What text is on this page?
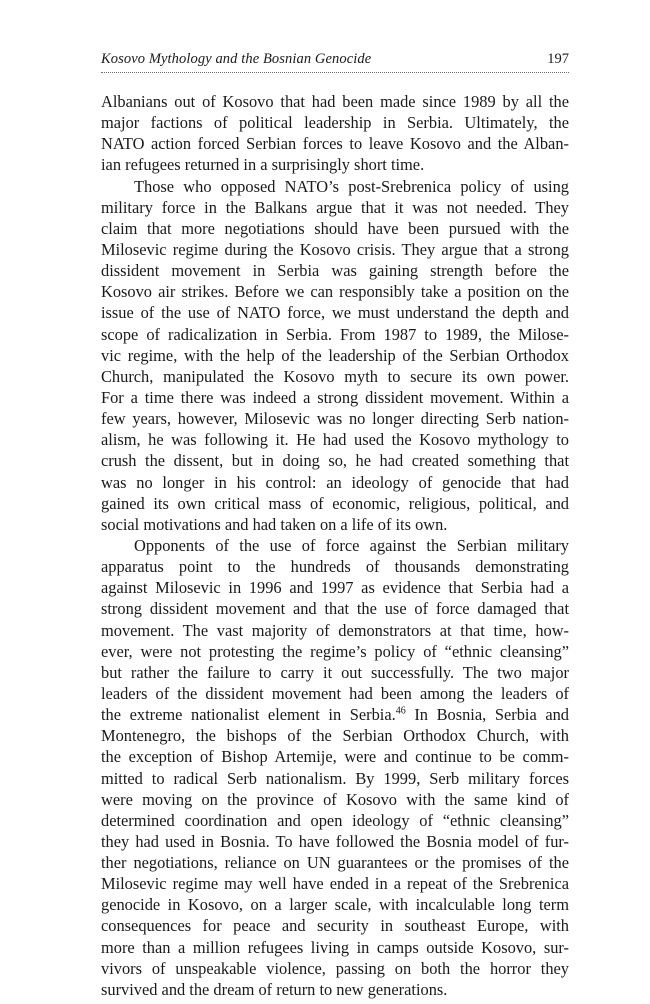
Kosovo Mythology and the Bosnian Genocide	197
Albanians out of Kosovo that had been made since 1989 by all the
major factions of political leadership in Serbia. Ultimately, the
NATO action forced Serbian forces to leave Kosovo and the Alban-
ian refugees returned in a surprisingly short time.
Those who opposed NATO’s post-Srebrenica policy of using
military force in the Balkans argue that it was not needed. They
claim that more negotiations should have been pursued with the
Milosevic regime during the Kosovo crisis. They argue that a strong
dissident movement in Serbia was gaining strength before the
Kosovo air strikes. Before we can responsibly take a position on the
issue of the use of NATO force, we must understand the depth and
scope of radicalization in Serbia. From 1987 to 1989, the Milose-
vic regime, with the help of the leadership of the Serbian Orthodox
Church, manipulated the Kosovo myth to secure its own power.
For a time there was indeed a strong dissident movement. Within a
few years, however, Milosevic was no longer directing Serb nation-
alism, he was following it. He had used the Kosovo mythology to
crush the dissent, but in doing so, he had created something that
was no longer in his control: an ideology of genocide that had
gained its own critical mass of economic, religious, political, and
social motivations and had taken on a life of its own.
Opponents of the use of force against the Serbian military
apparatus point to the hundreds of thousands demonstrating
against Milosevic in 1996 and 1997 as evidence that Serbia had a
strong dissident movement and that the use of force damaged that
movement. The vast majority of demonstrators at that time, how-
ever, were not protesting the regime’s policy of “ethnic cleansing”
but rather the failure to carry it out successfully. The two major
leaders of the dissident movement had been among the leaders of
the extreme nationalist element in Serbia.$^{46}$ In Bosnia, Serbia and
Montenegro, the bishops of the Serbian Orthodox Church, with
the exception of Bishop Artemije, were and continue to be comm-
mitted to radical Serb nationalism. By 1999, Serb military forces
were moving on the province of Kosovo with the same kind of
determined coordination and open ideology of “ethnic cleansing”
they had used in Bosnia. To have followed the Bosnia model of fur-
ther negotiations, reliance on UN guarantees or the promises of the
Milosevic regime may well have ended in a repeat of the Srebrenica
genocide in Kosovo, on a larger scale, with incalculable long term
consequences for peace and security in southeast Europe, with
more than a million refugees living in camps outside Kosovo, sur-
vivors of unspeakable violence, passing on both the horror they
survived and the dream of return to new generations.
